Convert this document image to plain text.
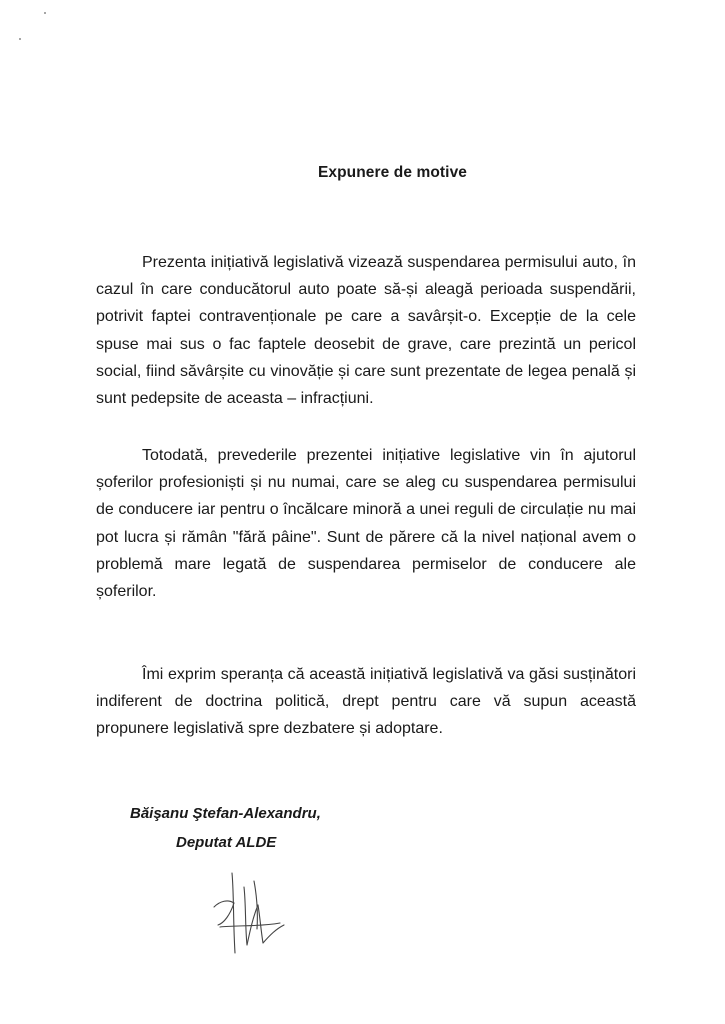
Expunere de motive

Prezenta inițiativă legislativă vizează suspendarea permisului auto, în cazul în care conducătorul auto poate să-și aleagă perioada suspendării, potrivit faptei contravenționale pe care a savârșit-o. Excepție de la cele spuse mai sus o fac faptele deosebit de grave, care prezintă un pericol social, fiind săvârșite cu vinovăție și care sunt prezentate de legea penală și sunt pedepsite de aceasta – infracțiuni.

Totodată, prevederile prezentei inițiative legislative vin în ajutorul șoferilor profesioniști și nu numai, care se aleg cu suspendarea permisului de conducere iar pentru o încălcare minoră a unei reguli de circulație nu mai pot lucra și rămân "fără pâine". Sunt de părere că la nivel național avem o problemă mare legată de suspendarea permiselor de conducere ale șoferilor.

Îmi exprim speranța că această inițiativă legislativă va găsi susținători indiferent de doctrina politică, drept pentru care vă supun această propunere legislativă spre dezbatere și adoptare.

Băişanu Ştefan-Alexandru,
Deputat ALDE
